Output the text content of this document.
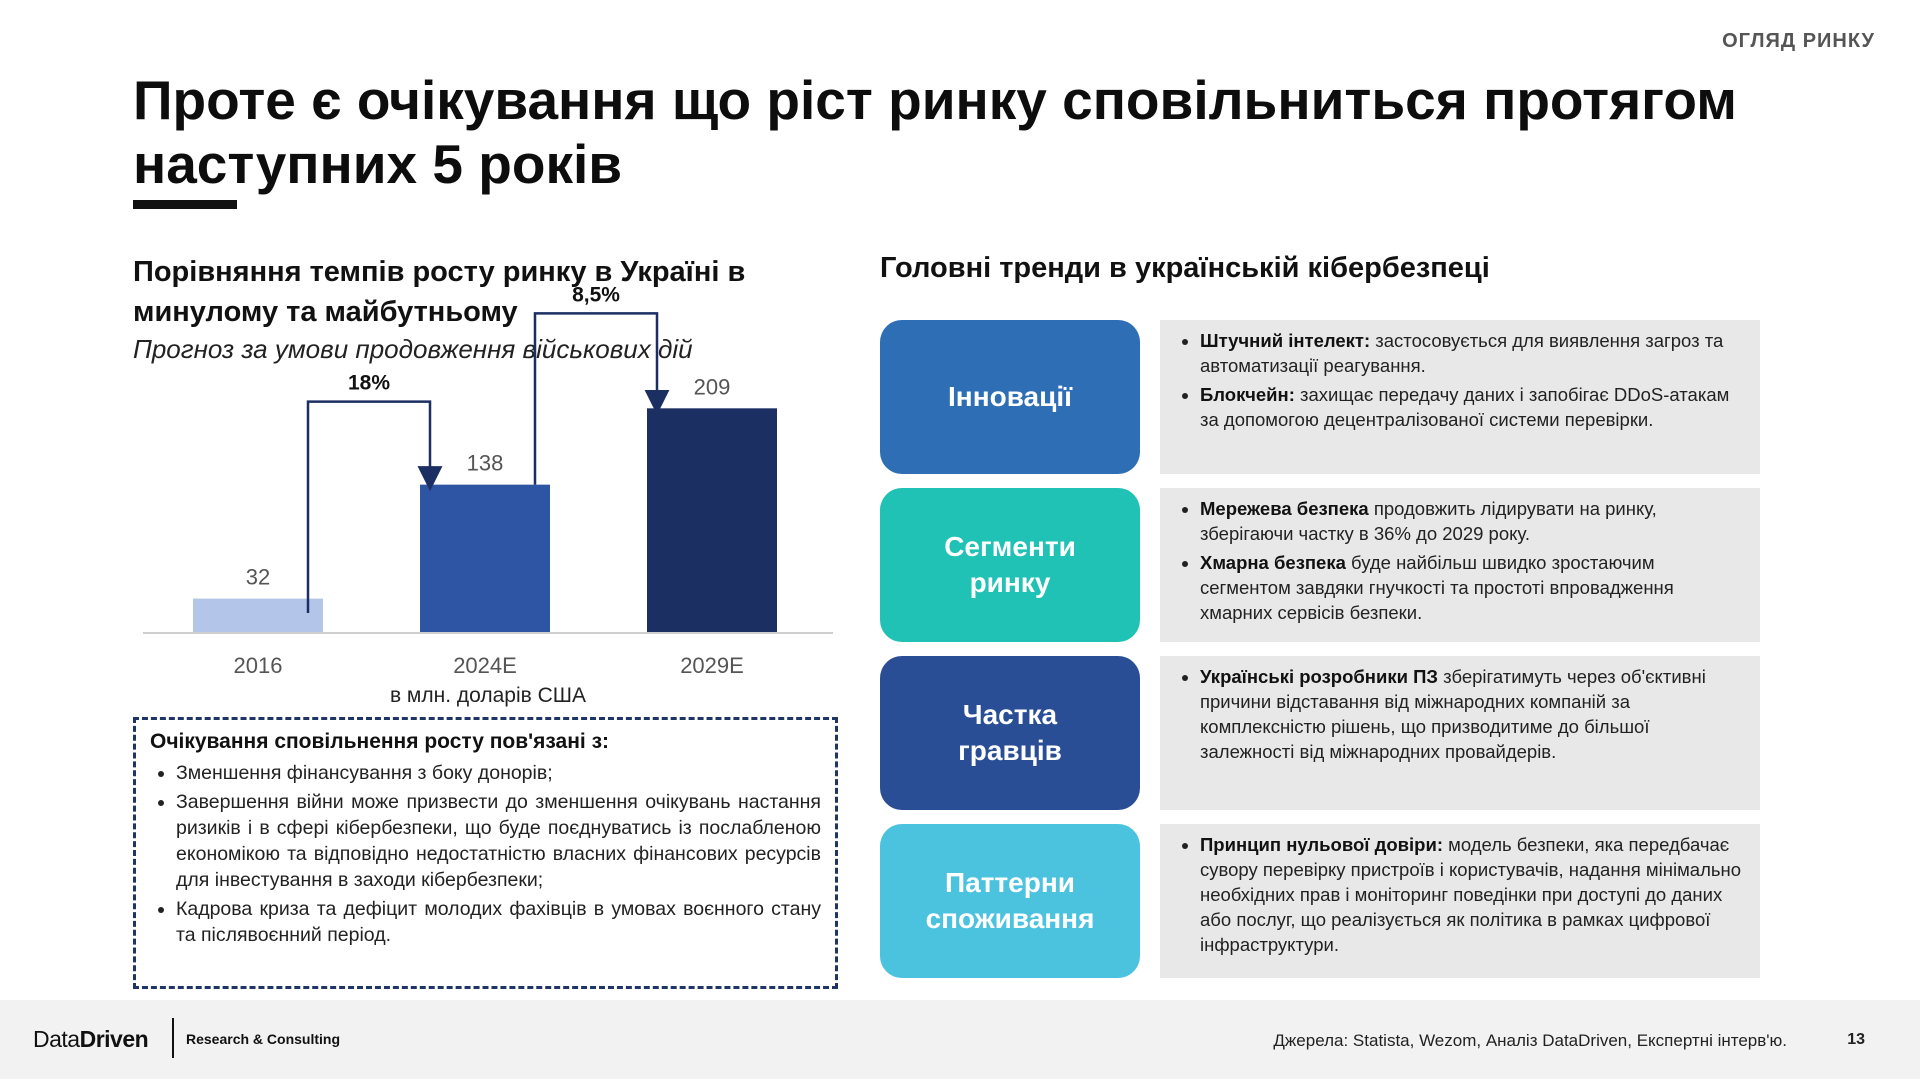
ОГЛЯД РИНКУ
Проте є очікування що ріст ринку сповільниться протягом наступних 5 років
Порівняння темпів росту ринку в Україні в минулому та майбутньому
Прогноз за умови продовження військових дій
32
2016
138
2024E
209
2029E
18%
8,5%
в млн. доларів США
Очікування сповільнення росту пов'язані з:
• Зменшення фінансування з боку донорів;
• Завершення війни може призвести до зменшення очікувань настання ризиків і в сфері кібербезпеки, що буде поєднуватись із послабленою економікою та відповідно недостатністю власних фінансових ресурсів для інвестування в заходи кібербезпеки;
• Кадрова криза та дефіцит молодих фахівців в умовах воєнного стану та післявоєнний період.
Головні тренди в українській кібербезпеці
Інновації
• Штучний інтелект: застосовується для виявлення загроз та автоматизації реагування.
• Блокчейн: захищає передачу даних і запобігає DDoS-атакам за допомогою децентралізованої системи перевірки.
Сегменти
ринку
• Мережева безпека продовжить лідирувати на ринку, зберігаючи частку в 36% до 2029 року.
• Хмарна безпека буде найбільш швидко зростаючим сегментом завдяки гнучкості та простоті впровадження хмарних сервісів безпеки.
Частка
гравців
• Українські розробники ПЗ зберігатимуть через об'єктивні причини відставання від міжнародних компаній за комплексністю рішень, що призводитиме до більшої залежності від міжнародних провайдерів.
Паттерни
споживання
• Принцип нульової довіри: модель безпеки, яка передбачає сувору перевірку пристроїв і користувачів, надання мінімально необхідних прав і моніторинг поведінки при доступі до даних або послуг, що реалізується як політика в рамках цифрової інфраструктури.
DataDriven	Research & Consulting	Джерела: Statista, Wezom, Аналіз DataDriven, Експертні інтерв'ю.	13
